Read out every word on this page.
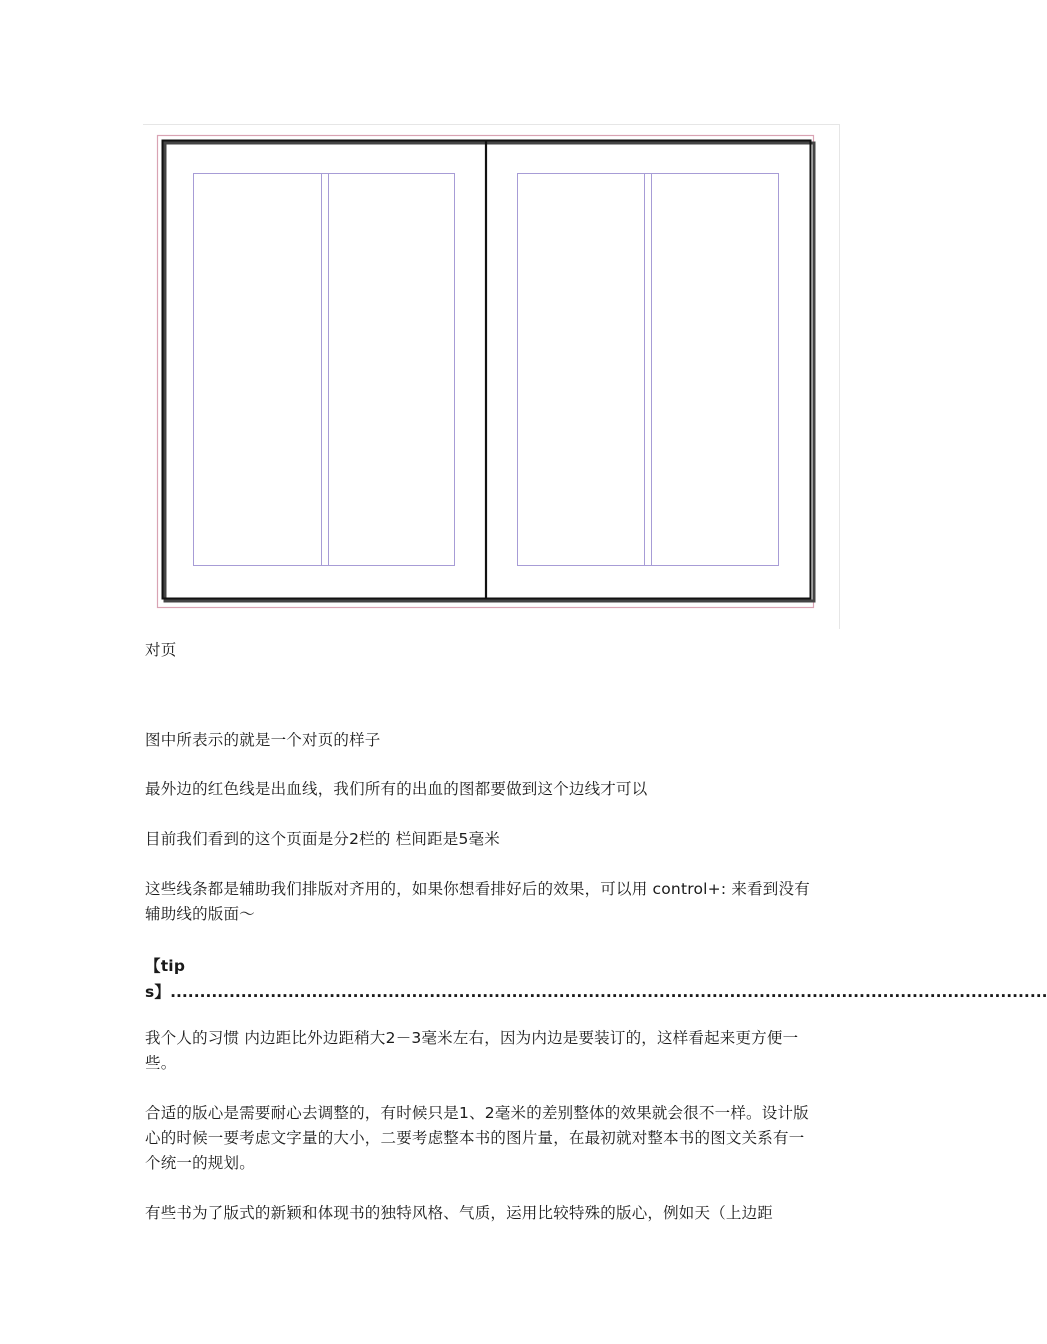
对页
图中所表示的就是一个对页的样子
最外边的红色线是出血线，我们所有的出血的图都要做到这个边线才可以
目前我们看到的这个页面是分2栏的 栏间距是5毫米
这些线条都是辅助我们排版对齐用的，如果你想看排好后的效果，可以用 control+: 来看到没有辅助线的版面～
【tips】.....................................................................................................................................................
我个人的习惯 内边距比外边距稍大2－3毫米左右，因为内边是要装订的，这样看起来更方便一些。
合适的版心是需要耐心去调整的，有时候只是1、2毫米的差别整体的效果就会很不一样。设计版心的时候一要考虑文字量的大小，二要考虑整本书的图片量，在最初就对整本书的图文关系有一个统一的规划。
有些书为了版式的新颖和体现书的独特风格、气质，运用比较特殊的版心，例如天（上边距
